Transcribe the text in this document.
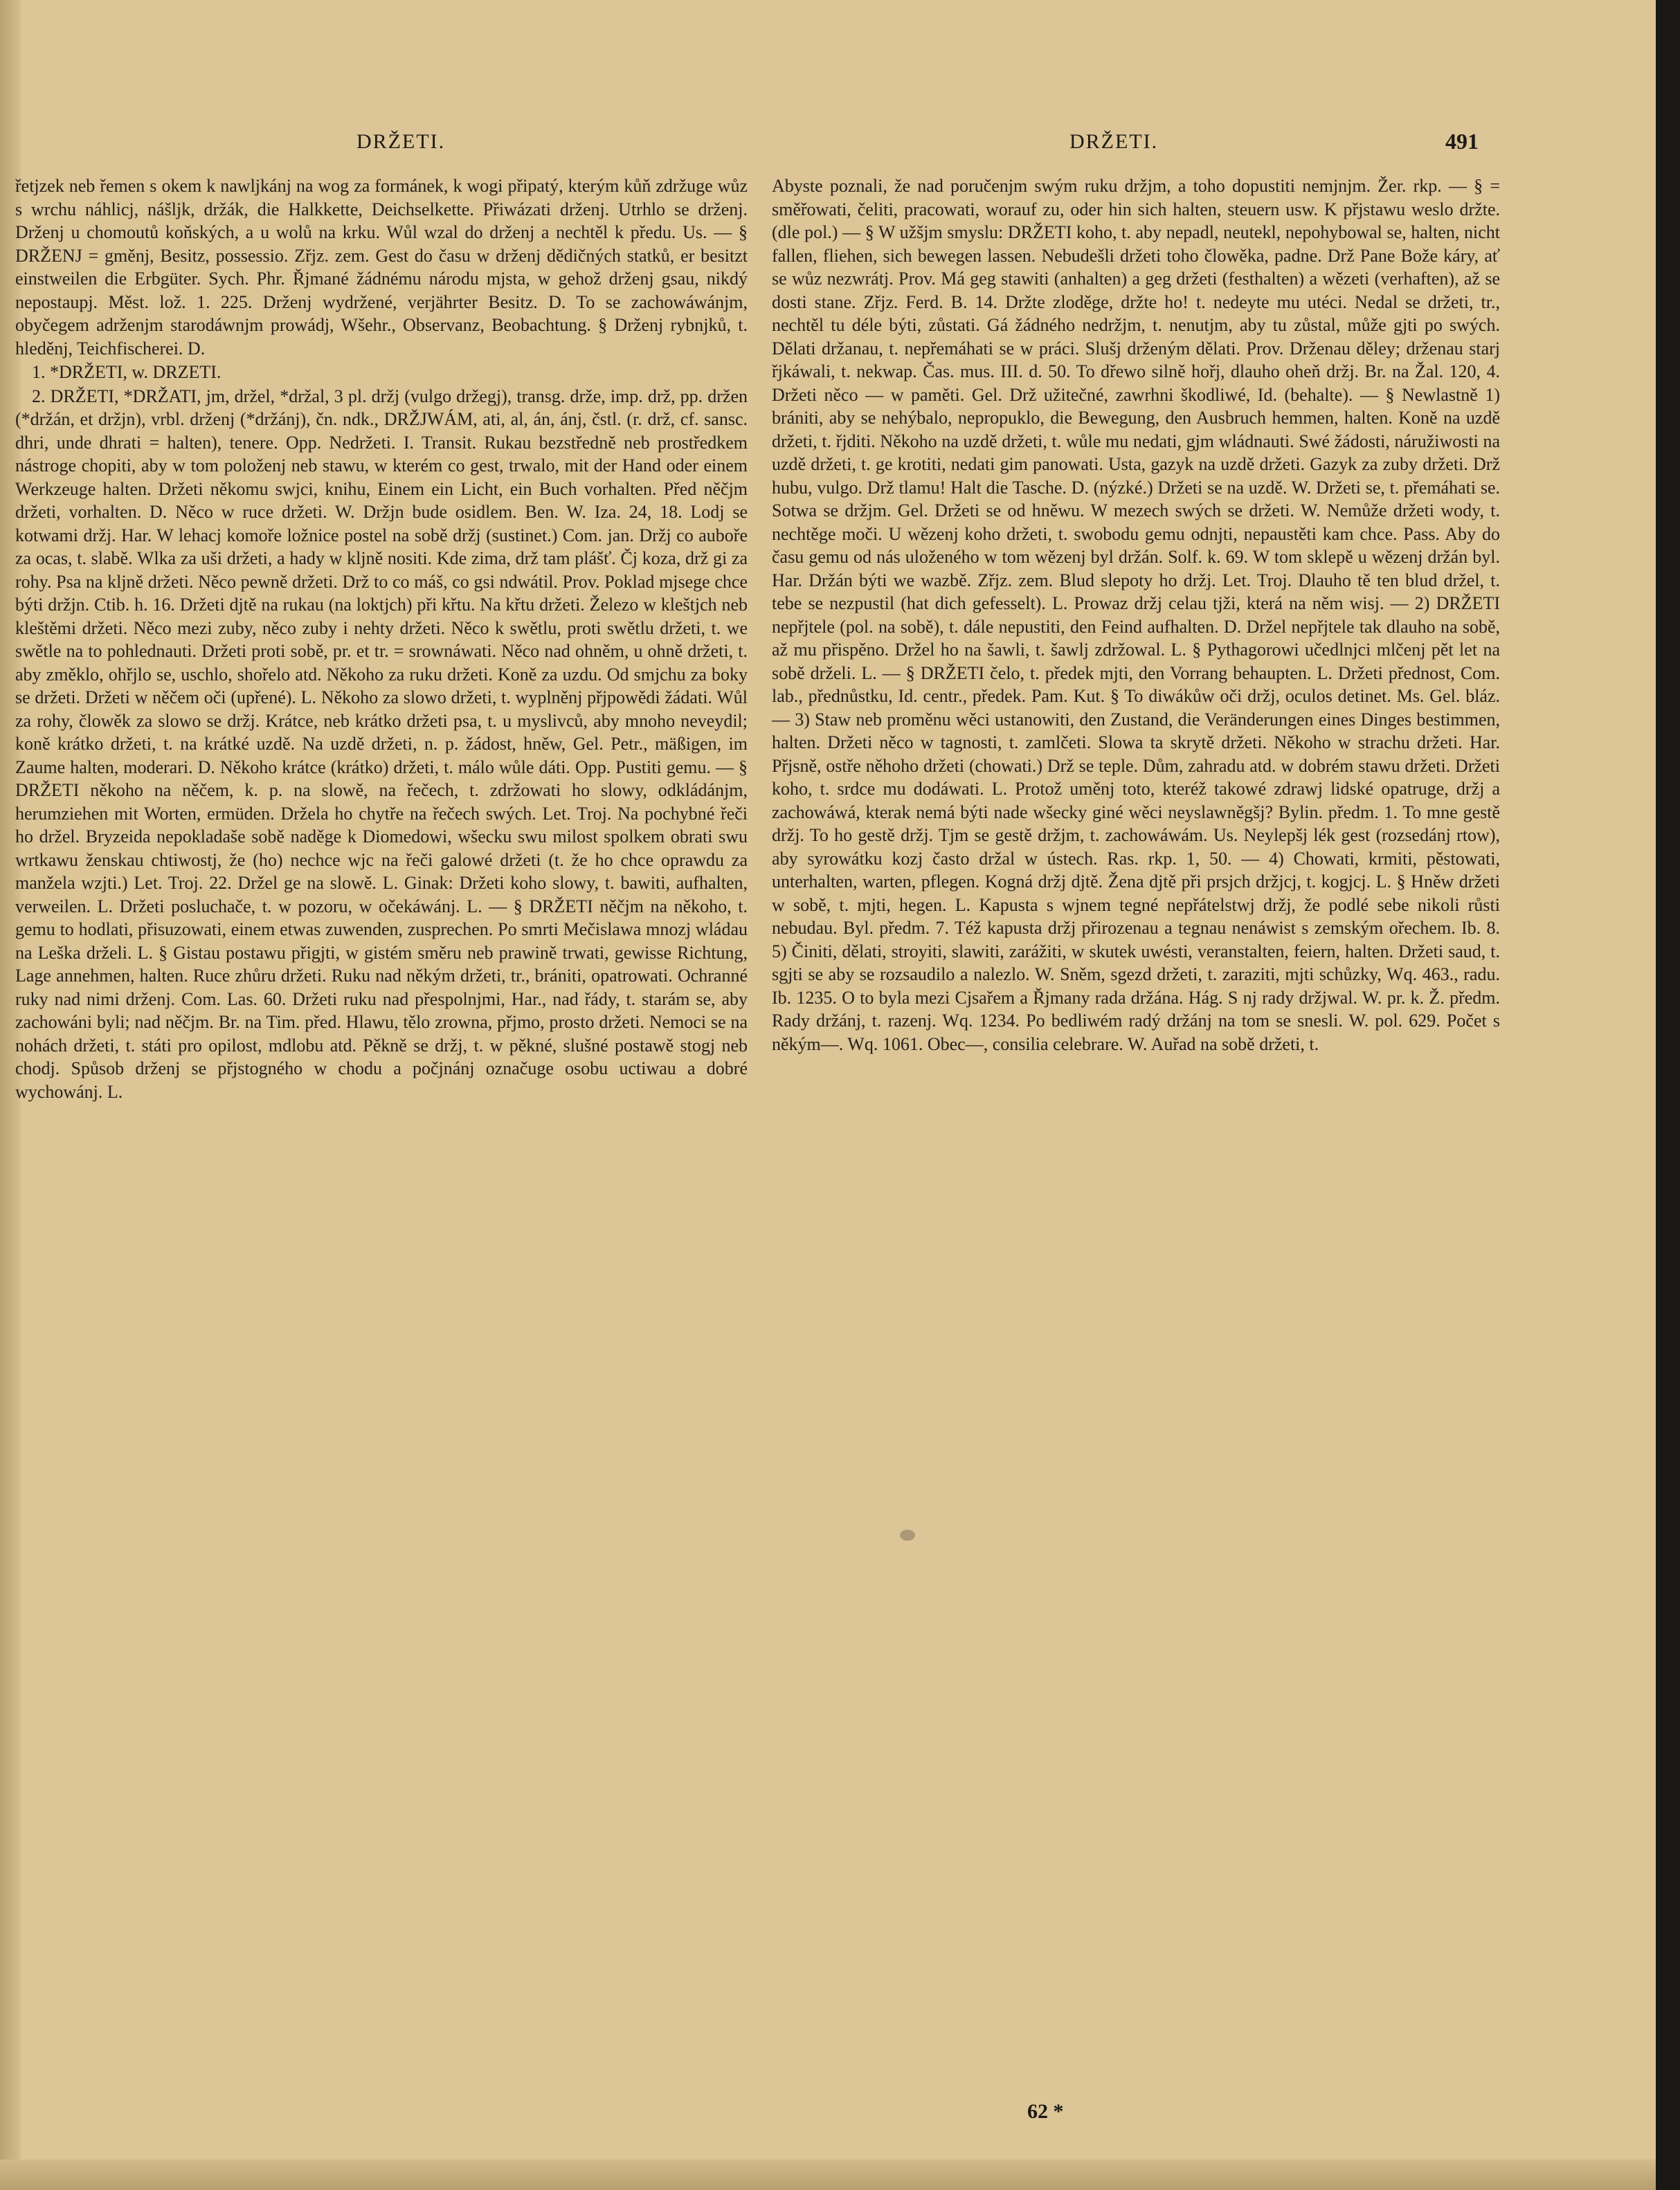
DRŽETI.	DRŽETI.	491

řetjzek neb řemen s okem k nawljkánj na wog za formánek, k wogi připatý, kterým kůň zdržuge wůz s wrchu náhlicj, nášljk, držák, die Halkkette, Deichselkette. Přiwázati drženj. Utrhlo se drženj. Drženj u chomoutů koňských, a u wolů na krku. Wůl wzal do drženj a nechtěl k předu. Us. — § DRŽENJ = gměnj, Besitz, possessio. Zřjz. zem. Gest do času w drženj dědičných statků, er besitzt einstweilen die Erbgüter. Sych. Phr. Řjmané žádnému národu mjsta, w gehož drženj gsau, nikdý nepostaupj. Měst. lož. 1. 225. Drženj wydržené, verjährter Besitz. D. To se zachowáwánjm, obyčegem adrženjm starodáwnjm prowádj, Wšehr., Observanz, Beobachtung. § Drženj rybnjků, t. hleděnj, Teichfischerei. D.

1. *DRŽETI, w. DRZETI.

2. DRŽETI, *DRŽATI, jm, držel, *držal, 3 pl. držj (vulgo držegj), transg. drže, imp. drž, pp. držen (*držán, et držjn), vrbl. drženj (*držánj), čn. ndk., DRŽJWÁM, ati, al, án, ánj, čstl. (r. drž, cf. sansc. dhri, unde dhrati = halten), tenere. Opp. Nedržeti. I. Transit. Rukau bezstředně neb prostředkem nástroge chopiti, aby w tom položenj neb stawu, w kterém co gest, trwalo, mit der Hand oder einem Werkzeuge halten. Držeti někomu swjci, knihu, Einem ein Licht, ein Buch vorhalten. Před něčjm držeti, vorhalten. D. Něco w ruce držeti. W. Držjn bude osidlem. Ben. W. Iza. 24, 18. Lodj se kotwami držj. Har. W lehacj komoře ložnice postel na sobě držj (sustinet.) Com. jan. Držj co auboře za ocas, t. slabě. Wlka za uši držeti, a hady w kljně nositi. Kde zima, drž tam plášť. Čj koza, drž gi za rohy. Psa na kljně držeti. Něco pewně držeti. Drž to co máš, co gsi ndwátil. Prov. Poklad mjsege chce býti držjn. Ctib. h. 16. Držeti djtě na rukau (na loktjch) při křtu. Na křtu držeti. Železo w kleštjch neb kleštěmi držeti. Něco mezi zuby, něco zuby i nehty držeti. Něco k swětlu, proti swětlu držeti, t. we swětle na to pohlednauti. Držeti proti sobě, pr. et tr. = srownáwati. Něco nad ohněm, u ohně držeti, t. aby změklo, ohřjlo se, uschlo, shořelo atd. Někoho za ruku držeti. Koně za uzdu. Od smjchu za boky se držeti. Držeti w něčem oči (upřené). L. Někoho za slowo držeti, t. wyplněnj přjpowědi žádati. Wůl za rohy, člowěk za slowo se držj. Krátce, neb krátko držeti psa, t. u myslivců, aby mnoho neveydil; koně krátko držeti, t. na krátké uzdě. Na uzdě držeti, n. p. žádost, hněw, Gel. Petr., mäßigen, im Zaume halten, moderari. D. Někoho krátce (krátko) držeti, t. málo wůle dáti. Opp. Pustiti gemu. — § DRŽETI někoho na něčem, k. p. na slowě, na řečech, t. zdržowati ho slowy, odkládánjm, herumziehen mit Worten, ermüden. Držela ho chytře na řečech swých. Let. Troj. Na pochybné řeči ho držel. Bryzeida nepokladaše sobě naděge k Diomedowi, wšecku swu milost spolkem obrati swu wrtkawu ženskau chtiwostj, že (ho) nechce wjc na řeči galowé držeti (t. že ho chce oprawdu za manžela wzjti.) Let. Troj. 22. Držel ge na slowě. L. Ginak: Držeti koho slowy, t. bawiti, aufhalten, verweilen. L. Držeti posluchače, t. w pozoru, w očekáwánj. L. — § DRŽETI něčjm na někoho, t. gemu to hodlati, přisuzowati, einem etwas zuwenden, zusprechen. Po smrti Mečislawa mnozj wládau na Leška drželi. L. § Gistau postawu přigjti, w gistém směru neb prawině trwati, gewisse Richtung, Lage annehmen, halten. Ruce zhůru držeti. Ruku nad někým držeti, tr., brániti, opatrowati. Ochranné ruky nad nimi drženj. Com. Las. 60. Držeti ruku nad přespolnjmi, Har., nad řády, t. starám se, aby zachowáni byli; nad něčjm. Br. na Tim. před. Hlawu, tělo zrowna, přjmo, prosto držeti. Nemoci se na nohách držeti, t. státi pro opilost, mdlobu atd. Pěkně se držj, t. w pěkné, slušné postawě stogj neb chodj. Spůsob drženj se přjstogného w chodu a počjnánj označuge osobu uctiwau a dobré wychowánj. L.

Abyste poznali, že nad poručenjm swým ruku držjm, a toho dopustiti nemjnjm. Žer. rkp. — § = směřowati, čeliti, pracowati, worauf zu, oder hin sich halten, steuern usw. K přjstawu weslo držte. (dle pol.) — § W užšjm smyslu: DRŽETI koho, t. aby nepadl, neutekl, nepohybowal se, halten, nicht fallen, fliehen, sich bewegen lassen. Nebudešli držeti toho člowěka, padne. Drž Pane Bože káry, ať se wůz nezwrátj. Prov. Má geg stawiti (anhalten) a geg držeti (festhalten) a wězeti (verhaften), až se dosti stane. Zřjz. Ferd. B. 14. Držte zloděge, držte ho! t. nedeyte mu utéci. Nedal se držeti, tr., nechtěl tu déle býti, zůstati. Gá žádného nedržjm, t. nenutjm, aby tu zůstal, může gjti po swých. Dělati držanau, t. nepřemáhati se w práci. Slušj drženým dělati. Prov. Drženau děley; drženau starj řjkáwali, t. nekwap. Čas. mus. III. d. 50. To dřewo silně hořj, dlauho oheň držj. Br. na Žal. 120, 4. Držeti něco — w paměti. Gel. Drž užitečné, zawrhni škodliwé, Id. (behalte). — § Newlastně 1) brániti, aby se nehýbalo, nepropuklo, die Bewegung, den Ausbruch hemmen, halten. Koně na uzdě držeti, t. řjditi. Někoho na uzdě držeti, t. wůle mu nedati, gjm wládnauti. Swé žádosti, náružiwosti na uzdě držeti, t. ge krotiti, nedati gim panowati. Usta, gazyk na uzdě držeti. Gazyk za zuby držeti. Drž hubu, vulgo. Drž tlamu! Halt die Tasche. D. (nýzké.) Držeti se na uzdě. W. Držeti se, t. přemáhati se. Sotwa se držjm. Gel. Držeti se od hněwu. W mezech swých se držeti. W. Nemůže držeti wody, t. nechtěge moči. U wězenj koho držeti, t. swobodu gemu odnjti, nepaustěti kam chce. Pass. Aby do času gemu od nás uloženého w tom wězenj byl držán. Solf. k. 69. W tom sklepě u wězenj držán byl. Har. Držán býti we wazbě. Zřjz. zem. Blud slepoty ho držj. Let. Troj. Dlauho tě ten blud držel, t. tebe se nezpustil (hat dich gefesselt). L. Prowaz držj celau tjži, která na něm wisj. — 2) DRŽETI nepřjtele (pol. na sobě), t. dále nepustiti, den Feind aufhalten. D. Držel nepřjtele tak dlauho na sobě, až mu přispěno. Držel ho na šawli, t. šawlj zdržowal. L. § Pythagorowi učedlnjci mlčenj pět let na sobě drželi. L. — § DRŽETI čelo, t. předek mjti, den Vorrang behaupten. L. Držeti přednost, Com. lab., přednůstku, Id. centr., předek. Pam. Kut. § To diwákůw oči držj, oculos detinet. Ms. Gel. bláz. — 3) Staw neb proměnu wěci ustanowiti, den Zustand, die Veränderungen eines Dinges bestimmen, halten. Držeti něco w tagnosti, t. zamlčeti. Slowa ta skrytě držeti. Někoho w strachu držeti. Har. Přjsně, ostře něhoho držeti (chowati.) Drž se teple. Dům, zahradu atd. w dobrém stawu držeti. Držeti koho, t. srdce mu dodáwati. L. Protož uměnj toto, kteréž takowé zdrawj lidské opatruge, držj a zachowáwá, kterak nemá býti nade wšecky giné wěci neyslawněgšj? Bylin. předm. 1. To mne gestě držj. To ho gestě držj. Tjm se gestě držjm, t. zachowáwám. Us. Neylepšj lék gest (rozsedánj rtow), aby syrowátku kozj často držal w ústech. Ras. rkp. 1, 50. — 4) Chowati, krmiti, pěstowati, unterhalten, warten, pflegen. Kogná držj djtě. Žena djtě při prsjch držjcj, t. kogjcj. L. § Hněw držeti w sobě, t. mjti, hegen. L. Kapusta s wjnem tegné nepřátelstwj držj, že podlé sebe nikoli růsti nebudau. Byl. předm. 7. Též kapusta držj přirozenau a tegnau nenáwist s zemským ořechem. Ib. 8. 5) Činiti, dělati, stroyiti, slawiti, zarážiti, w skutek uwésti, veranstalten, feiern, halten. Držeti saud, t. sgjti se aby se rozsaudilo a nalezlo. W. Sněm, sgezd držeti, t. zaraziti, mjti schůzky, Wq. 463., radu. Ib. 1235. O to byla mezi Cjsařem a Řjmany rada držána. Hág. S nj rady držjwal. W. pr. k. Ž. předm. Rady držánj, t. razenj. Wq. 1234. Po bedliwém radý držánj na tom se snesli. W. pol. 629. Počet s někým—. Wq. 1061. Obec—, consilia celebrare. W. Auřad na sobě držeti, t.

62 *
